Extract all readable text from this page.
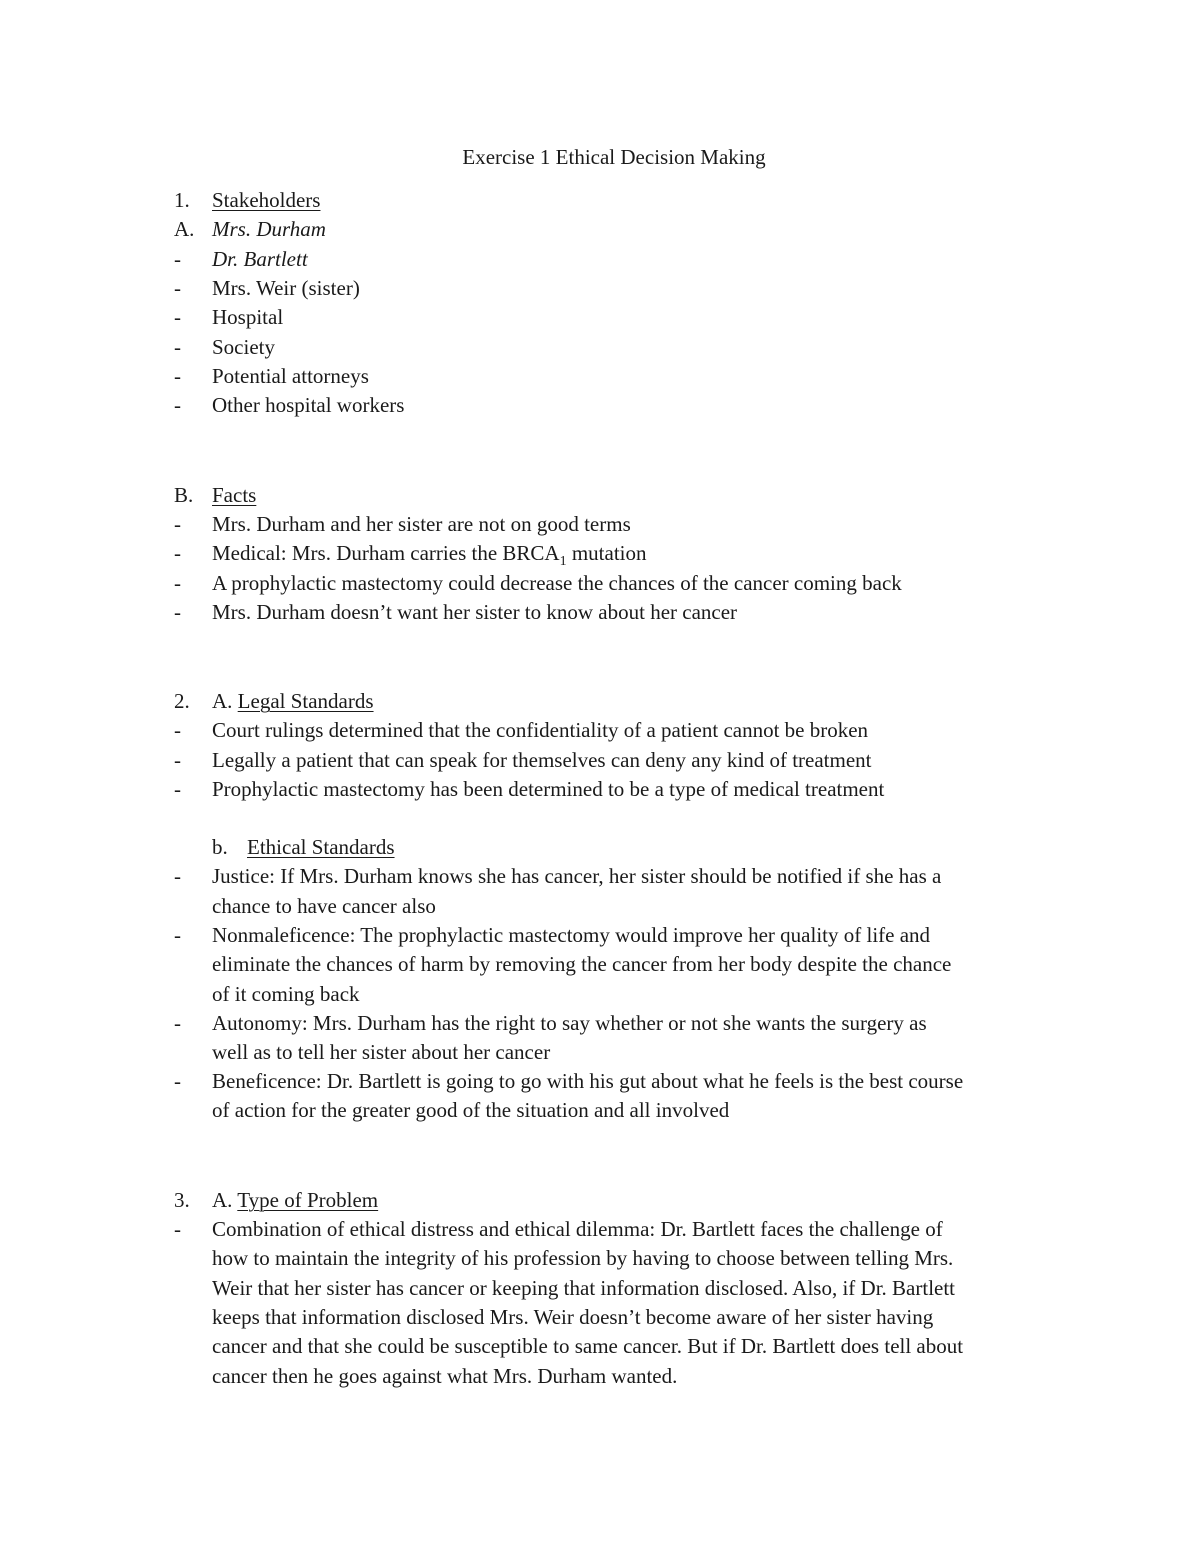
Exercise 1 Ethical Decision Making
1. Stakeholders
A. Mrs. Durham
- Dr. Bartlett
- Mrs. Weir (sister)
- Hospital
- Society
- Potential attorneys
- Other hospital workers
B. Facts
- Mrs. Durham and her sister are not on good terms
- Medical: Mrs. Durham carries the $BRCA_1$ mutation
- A prophylactic mastectomy could decrease the chances of the cancer coming back
- Mrs. Durham doesn’t want her sister to know about her cancer
2. A. Legal Standards
- Court rulings determined that the confidentiality of a patient cannot be broken
- Legally a patient that can speak for themselves can deny any kind of treatment
- Prophylactic mastectomy has been determined to be a type of medical treatment
b. Ethical Standards
- Justice: If Mrs. Durham knows she has cancer, her sister should be notified if she has a
chance to have cancer also
- Nonmaleficence: The prophylactic mastectomy would improve her quality of life and
eliminate the chances of harm by removing the cancer from her body despite the chance
of it coming back
- Autonomy: Mrs. Durham has the right to say whether or not she wants the surgery as
well as to tell her sister about her cancer
- Beneficence: Dr. Bartlett is going to go with his gut about what he feels is the best course
of action for the greater good of the situation and all involved
3. A. Type of Problem
- Combination of ethical distress and ethical dilemma: Dr. Bartlett faces the challenge of
how to maintain the integrity of his profession by having to choose between telling Mrs.
Weir that her sister has cancer or keeping that information disclosed. Also, if Dr. Bartlett
keeps that information disclosed Mrs. Weir doesn’t become aware of her sister having
cancer and that she could be susceptible to same cancer. But if Dr. Bartlett does tell about
cancer then he goes against what Mrs. Durham wanted.
